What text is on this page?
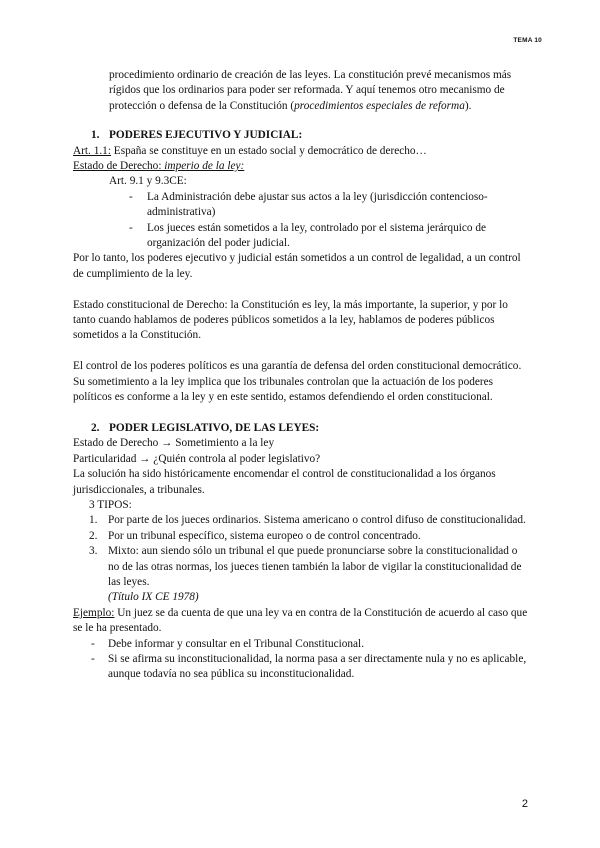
TEMA 10

procedimiento ordinario de creación de las leyes. La constitución prevé mecanismos más rígidos que los ordinarios para poder ser reformada. Y aquí tenemos otro mecanismo de protección o defensa de la Constitución (procedimientos especiales de reforma).

1. PODERES EJECUTIVO Y JUDICIAL:

Art. 1.1: España se constituye en un estado social y democrático de derecho…

Estado de Derecho: imperio de la ley:

Art. 9.1 y 9.3CE:

- La Administración debe ajustar sus actos a la ley (jurisdicción contencioso-administrativa)
- Los jueces están sometidos a la ley, controlado por el sistema jerárquico de organización del poder judicial.

Por lo tanto, los poderes ejecutivo y judicial están sometidos a un control de legalidad, a un control de cumplimiento de la ley.

Estado constitucional de Derecho: la Constitución es ley, la más importante, la superior, y por lo tanto cuando hablamos de poderes públicos sometidos a la ley, hablamos de poderes públicos sometidos a la Constitución.

El control de los poderes políticos es una garantía de defensa del orden constitucional democrático. Su sometimiento a la ley implica que los tribunales controlan que la actuación de los poderes políticos es conforme a la ley y en este sentido, estamos defendiendo el orden constitucional.

2. PODER LEGISLATIVO, DE LAS LEYES:

Estado de Derecho → Sometimiento a la ley

Particularidad → ¿Quién controla al poder legislativo?

La solución ha sido históricamente encomendar el control de constitucionalidad a los órganos jurisdiccionales, a tribunales.

3 TIPOS:

1. Por parte de los jueces ordinarios. Sistema americano o control difuso de constitucionalidad.
2. Por un tribunal específico, sistema europeo o de control concentrado.
3. Mixto: aun siendo sólo un tribunal el que puede pronunciarse sobre la constitucionalidad o no de las otras normas, los jueces tienen también la labor de vigilar la constitucionalidad de las leyes.

(Título IX CE 1978)

Ejemplo: Un juez se da cuenta de que una ley va en contra de la Constitución de acuerdo al caso que se le ha presentado.

- Debe informar y consultar en el Tribunal Constitucional.
- Si se afirma su inconstitucionalidad, la norma pasa a ser directamente nula y no es aplicable, aunque todavía no sea pública su inconstitucionalidad.
2
